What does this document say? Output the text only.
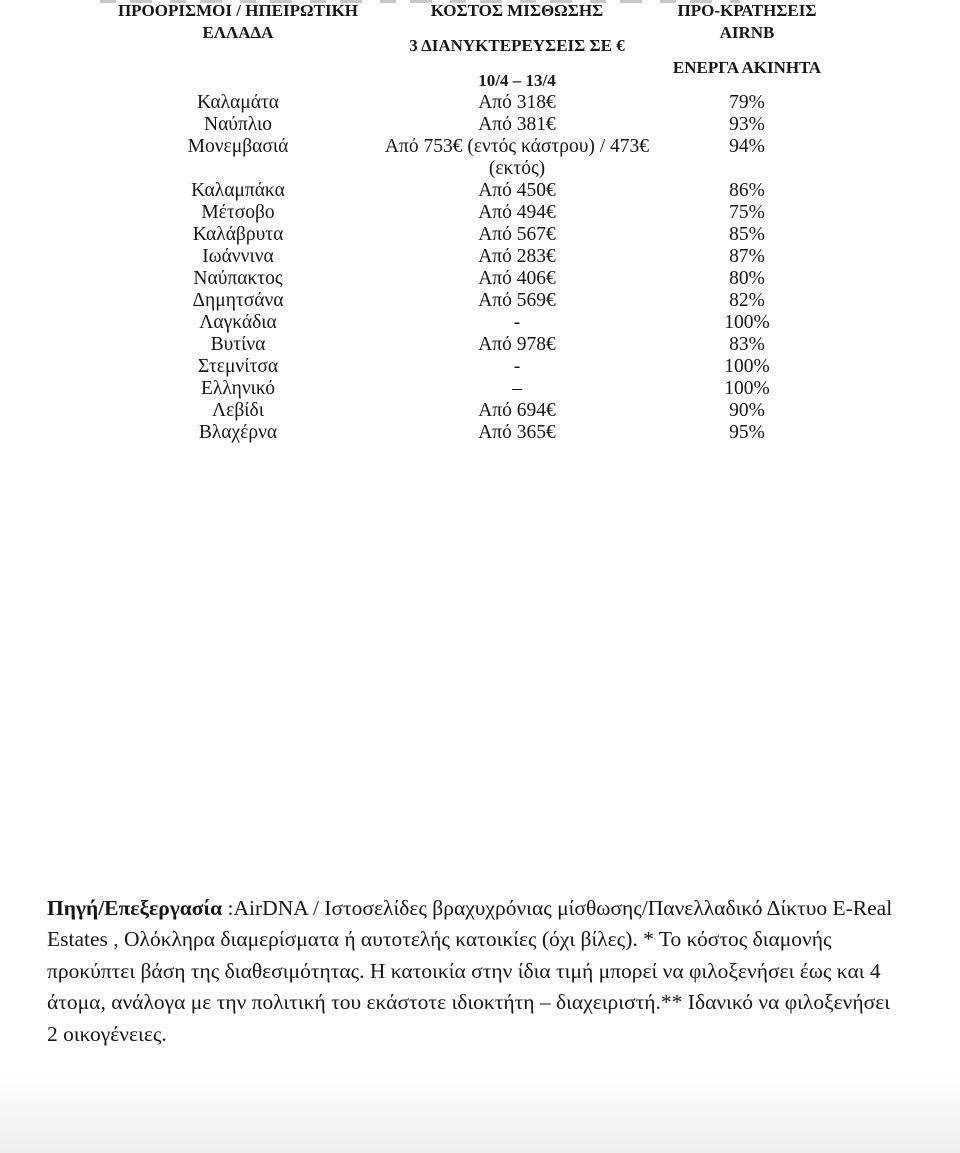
ΠΡΟΟΡΙΣΜΟΙ / ΗΠΕΙΡΩΤΙΚΗ ΕΛΛΑΔΑ

ΚΟΣΤΟΣ ΜΙΣΘΩΣΗΣ
3 ΔΙΑΝΥΚΤΕΡΕΥΣΕΙΣ ΣΕ €
10/4 – 13/4

ΠΡΟ-ΚΡΑΤΗΣΕΙΣ AIRNB
ΕΝΕΡΓΑ ΑΚΙΝΗΤΑ

Καλαμάτα	Από 318€	79%
Ναύπλιο	Από 381€	93%
Μονεμβασιά	Από 753€ (εντός κάστρου) / 473€ (εκτός)	94%
Καλαμπάκα	Από 450€	86%
Μέτσοβο	Από 494€	75%
Καλάβρυτα	Από 567€	85%
Ιωάννινα	Από 283€	87%
Ναύπακτος	Από 406€	80%
Δημητσάνα	Από 569€	82%
Λαγκάδια	-	100%
Βυτίνα	Από 978€	83%
Στεμνίτσα	-	100%
Ελληνικό	–	100%
Λεβίδι	Από 694€	90%
Βλαχέρνα	Από 365€	95%

Πηγή/Επεξεργασία :AirDNA / Ιστοσελίδες βραχυχρόνιας μίσθωσης/Πανελλαδικό Δίκτυο E-Real Estates , Ολόκληρα διαμερίσματα ή αυτοτελής κατοικίες (όχι βίλες). * Το κόστος διαμονής προκύπτει βάση της διαθεσιμότητας. Η κατοικία στην ίδια τιμή μπορεί να φιλοξενήσει έως και 4 άτομα, ανάλογα με την πολιτική του εκάστοτε ιδιοκτήτη – διαχειριστή.** Ιδανικό να φιλοξενήσει 2 οικογένειες.
